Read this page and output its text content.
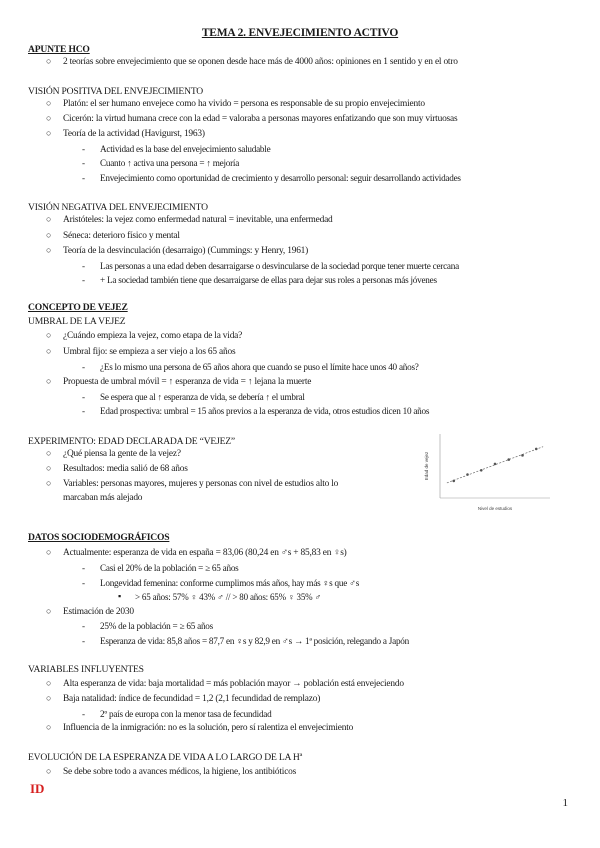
TEMA 2. ENVEJECIMIENTO ACTIVO
APUNTE HCO
○ 2 teorías sobre envejecimiento que se oponen desde hace más de 4000 años: opiniones en 1 sentido y en el otro
VISIÓN POSITIVA DEL ENVEJECIMIENTO
○ Platón: el ser humano envejece como ha vivido = persona es responsable de su propio envejecimiento
○ Cicerón: la virtud humana crece con la edad = valoraba a personas mayores enfatizando que son muy virtuosas
○ Teoría de la actividad (Havigurst, 1963)
- Actividad es la base del envejecimiento saludable
- Cuanto ↑ activa una persona = ↑ mejoría
- Envejecimiento como oportunidad de crecimiento y desarrollo personal: seguir desarrollando actividades
VISIÓN NEGATIVA DEL ENVEJECIMIENTO
○ Aristóteles: la vejez como enfermedad natural = inevitable, una enfermedad
○ Séneca: deterioro físico y mental
○ Teoría de la desvinculación (desarraigo) (Cummings: y Henry, 1961)
- Las personas a una edad deben desarraigarse o desvincularse de la sociedad porque tener muerte cercana
- + La sociedad también tiene que desarraigarse de ellas para dejar sus roles a personas más jóvenes
CONCEPTO DE VEJEZ
UMBRAL DE LA VEJEZ
○ ¿Cuándo empieza la vejez, como etapa de la vida?
○ Umbral fijo: se empieza a ser viejo a los 65 años
- ¿Es lo mismo una persona de 65 años ahora que cuando se puso el límite hace unos 40 años?
○ Propuesta de umbral móvil = ↑ esperanza de vida = ↑ lejana la muerte
- Se espera que al ↑ esperanza de vida, se debería ↑ el umbral
- Edad prospectiva: umbral = 15 años previos a la esperanza de vida, otros estudios dicen 10 años
EXPERIMENTO: EDAD DECLARADA DE “VEJEZ”
○ ¿Qué piensa la gente de la vejez?
○ Resultados: media salió de 68 años
○ Variables: personas mayores, mujeres y personas con nivel de estudios alto lo
marcaban más alejado
Nivel de estudios
Edad de vejez
DATOS SOCIODEMOGRÁFICOS
○ Actualmente: esperanza de vida en españa = 83,06 (80,24 en ♂s + 85,83 en ♀s)
- Casi el 20% de la población = ≥ 65 años
- Longevidad femenina: conforme cumplimos más años, hay más ♀s que ♂s
▪ > 65 años: 57% ♀ 43% ♂ // > 80 años: 65% ♀ 35% ♂
○ Estimación de 2030
- 25% de la población = ≥ 65 años
- Esperanza de vida: 85,8 años = 87,7 en ♀s y 82,9 en ♂s → 1ª posición, relegando a Japón
VARIABLES INFLUYENTES
○ Alta esperanza de vida: baja mortalidad = más población mayor → población está envejeciendo
○ Baja natalidad: índice de fecundidad = 1,2 (2,1 fecundidad de remplazo)
- 2º país de europa con la menor tasa de fecundidad
○ Influencia de la inmigración: no es la solución, pero sí ralentiza el envejecimiento
EVOLUCIÓN DE LA ESPERANZA DE VIDA A LO LARGO DE LA Hª
○ Se debe sobre todo a avances médicos, la higiene, los antibióticos
ID
1
